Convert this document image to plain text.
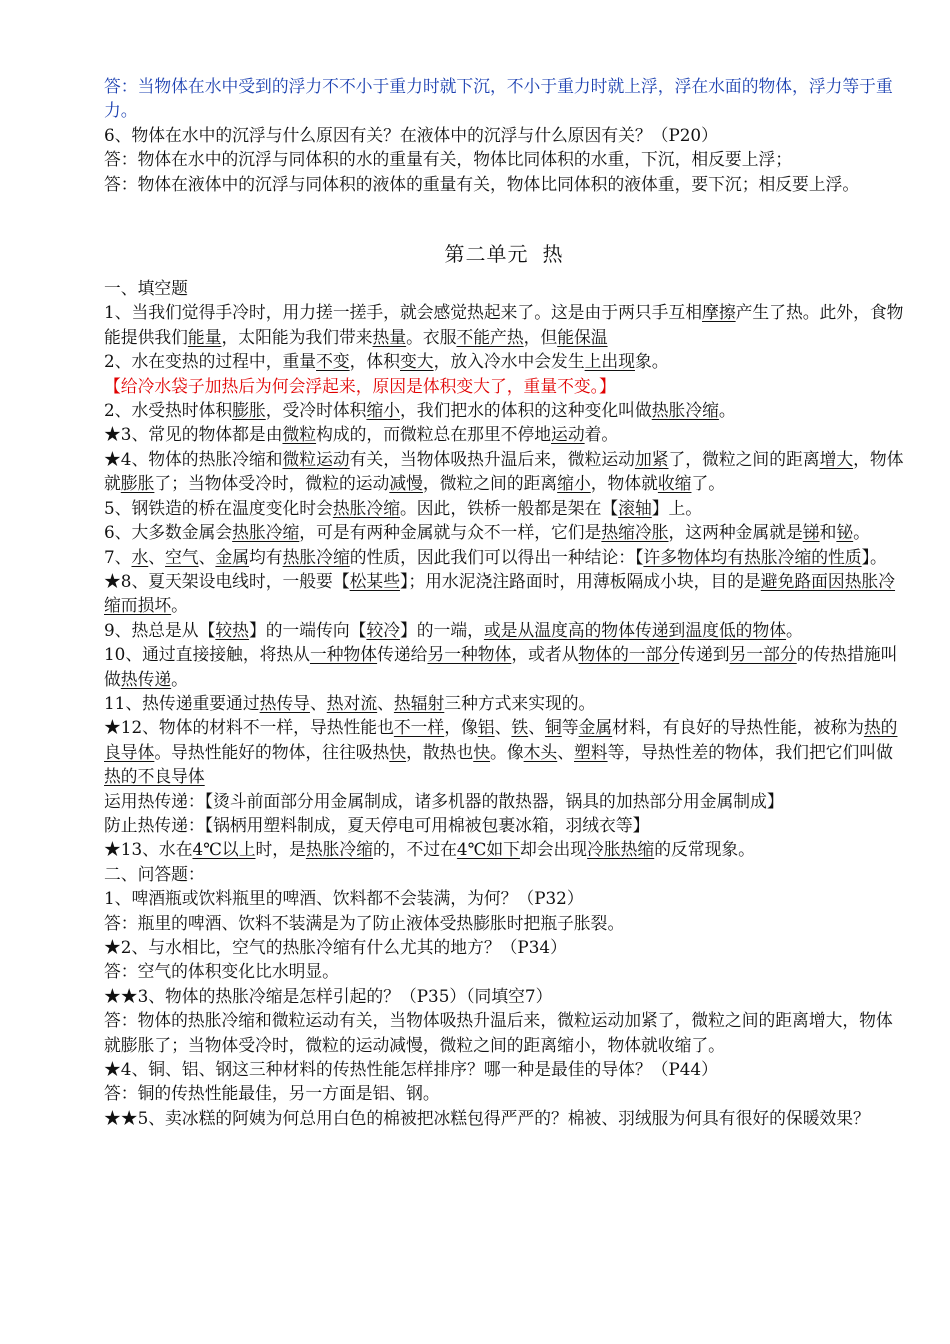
答：当物体在水中受到的浮力不不小于重力时就下沉，不小于重力时就上浮，浮在水面的物体，浮力等于重力。

6、物体在水中的沉浮与什么原因有关？在液体中的沉浮与什么原因有关？（P20）

答：物体在水中的沉浮与同体积的水的重量有关，物体比同体积的水重，下沉，相反要上浮；

答：物体在液体中的沉浮与同体积的液体的重量有关，物体比同体积的液体重，要下沉；相反要上浮。

第二单元 热

一、填空题

1、当我们觉得手冷时，用力搓一搓手，就会感觉热起来了。这是由于两只手互相摩擦产生了热。此外，食物能提供我们能量，太阳能为我们带来热量。衣服不能产热，但能保温

2、水在变热的过程中，重量不变，体积变大，放入冷水中会发生上出现象。

【给冷水袋子加热后为何会浮起来，原因是体积变大了，重量不变。】

2、水受热时体积膨胀，受冷时体积缩小，我们把水的体积的这种变化叫做热胀冷缩。

★3、常见的物体都是由微粒构成的，而微粒总在那里不停地运动着。

★4、物体的热胀冷缩和微粒运动有关，当物体吸热升温后来，微粒运动加紧了，微粒之间的距离增大，物体就膨胀了；当物体受冷时，微粒的运动减慢，微粒之间的距离缩小，物体就收缩了。

5、钢铁造的桥在温度变化时会热胀冷缩。因此，铁桥一般都是架在【滚轴】上。

6、大多数金属会热胀冷缩，可是有两种金属就与众不一样，它们是热缩冷胀，这两种金属就是锑和铋。

7、水、空气、金属均有热胀冷缩的性质，因此我们可以得出一种结论：【许多物体均有热胀冷缩的性质】。

★8、夏天架设电线时，一般要【松某些】；用水泥浇注路面时，用薄板隔成小块，目的是避免路面因热胀冷缩而损坏。

9、热总是从【较热】的一端传向【较冷】的一端，或是从温度高的物体传递到温度低的物体。

10、通过直接接触，将热从一种物体传递给另一种物体，或者从物体的一部分传递到另一部分的传热措施叫做热传递。

11、热传递重要通过热传导、热对流、热辐射三种方式来实现的。

★12、物体的材料不一样，导热性能也不一样，像铝、铁、铜等金属材料，有良好的导热性能，被称为热的良导体。导热性能好的物体，往往吸热快，散热也快。像木头、塑料等，导热性差的物体，我们把它们叫做热的不良导体

运用热传递：【烫斗前面部分用金属制成，诸多机器的散热器，锅具的加热部分用金属制成】

防止热传递：【锅柄用塑料制成，夏天停电可用棉被包裹冰箱，羽绒衣等】

★13、水在4℃以上时，是热胀冷缩的，不过在4℃如下却会出现冷胀热缩的反常现象。

二、问答题：

1、啤酒瓶或饮料瓶里的啤酒、饮料都不会装满，为何？（P32）

答：瓶里的啤酒、饮料不装满是为了防止液体受热膨胀时把瓶子胀裂。

★2、与水相比，空气的热胀冷缩有什么尤其的地方？（P34）

答：空气的体积变化比水明显。

★★3、物体的热胀冷缩是怎样引起的？（P35）（同填空7）

答：物体的热胀冷缩和微粒运动有关，当物体吸热升温后来，微粒运动加紧了，微粒之间的距离增大，物体就膨胀了；当物体受冷时，微粒的运动减慢，微粒之间的距离缩小，物体就收缩了。

★4、铜、铝、钢这三种材料的传热性能怎样排序？哪一种是最佳的导体？（P44）

答：铜的传热性能最佳，另一方面是铝、钢。

★★5、卖冰糕的阿姨为何总用白色的棉被把冰糕包得严严的？棉被、羽绒服为何具有很好的保暖效果？
